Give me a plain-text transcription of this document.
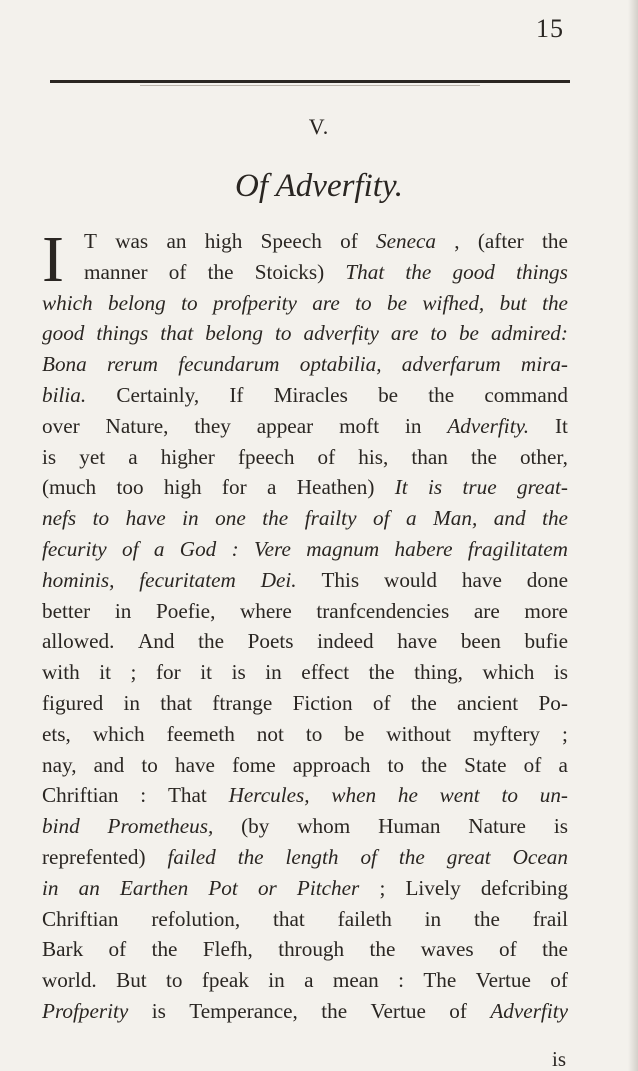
15
V.
Of Adverfity.
I T was an high Speech of Seneca , (after the
manner of the Stoicks) That the good things
which belong to profperity are to be wifhed, but the
good things that belong to adverfity are to be admired:
Bona rerum fecundarum optabilia, adverfarum mira-
bilia. Certainly, If Miracles be the command
over Nature, they appear moft in Adverfity. It
is yet a higher fpeech of his, than the other,
(much too high for a Heathen) It is true great-
nefs to have in one the frailty of a Man, and the
fecurity of a God : Vere magnum habere fragilitatem
hominis, fecuritatem Dei. This would have done
better in Poefie, where tranfcendencies are more
allowed. And the Poets indeed have been bufie
with it ; for it is in effect the thing, which is
figured in that ftrange Fiction of the ancient Po-
ets, which feemeth not to be without myftery ;
nay, and to have fome approach to the State of a
Chriftian : That Hercules, when he went to un-
bind Prometheus, (by whom Human Nature is
reprefented) failed the length of the great Ocean
in an Earthen Pot or Pitcher ; Lively defcribing
Chriftian refolution, that faileth in the frail
Bark of the Flefh, through the waves of the
world. But to fpeak in a mean : The Vertue of
Profperity is Temperance, the Vertue of Adverfity
is
